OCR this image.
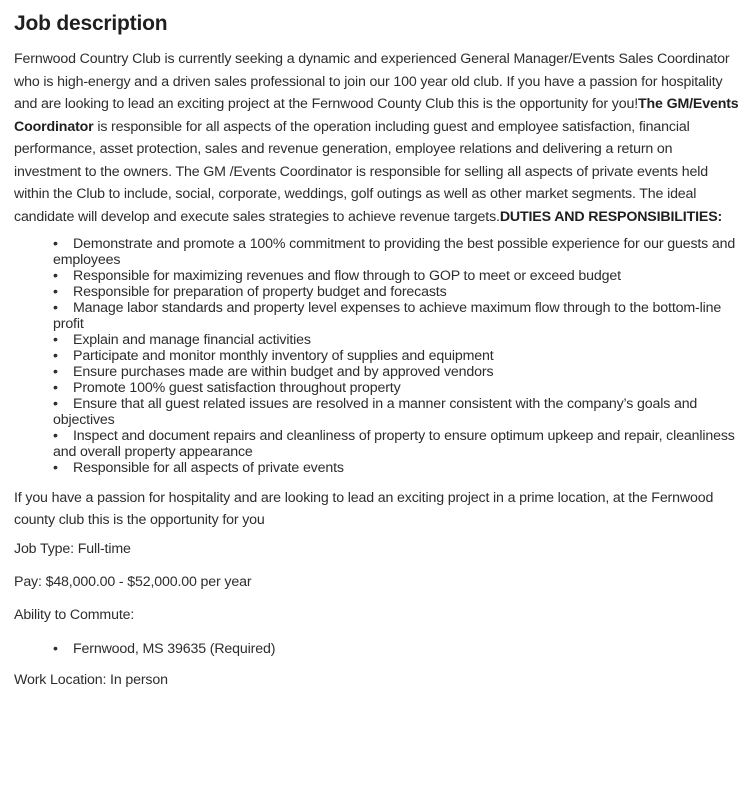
Job description
Fernwood Country Club is currently seeking a dynamic and experienced General Manager/Events Sales Coordinator who is high-energy and a driven sales professional to join our 100 year old club. If you have a passion for hospitality and are looking to lead an exciting project at the Fernwood County Club this is the opportunity for you!The GM/Events Coordinator is responsible for all aspects of the operation including guest and employee satisfaction, financial performance, asset protection, sales and revenue generation, employee relations and delivering a return on investment to the owners. The GM /Events Coordinator is responsible for selling all aspects of private events held within the Club to include, social, corporate, weddings, golf outings as well as other market segments. The ideal candidate will develop and execute sales strategies to achieve revenue targets.DUTIES AND RESPONSIBILITIES:
• Demonstrate and promote a 100% commitment to providing the best possible experience for our guests and employees
• Responsible for maximizing revenues and flow through to GOP to meet or exceed budget
• Responsible for preparation of property budget and forecasts
• Manage labor standards and property level expenses to achieve maximum flow through to the bottom-line profit
• Explain and manage financial activities
• Participate and monitor monthly inventory of supplies and equipment
• Ensure purchases made are within budget and by approved vendors
• Promote 100% guest satisfaction throughout property
• Ensure that all guest related issues are resolved in a manner consistent with the company’s goals and objectives
• Inspect and document repairs and cleanliness of property to ensure optimum upkeep and repair, cleanliness and overall property appearance
• Responsible for all aspects of private events
If you have a passion for hospitality and are looking to lead an exciting project in a prime location, at the Fernwood county club this is the opportunity for you
Job Type: Full-time
Pay: $48,000.00 - $52,000.00 per year
Ability to Commute:
• Fernwood, MS 39635 (Required)
Work Location: In person
